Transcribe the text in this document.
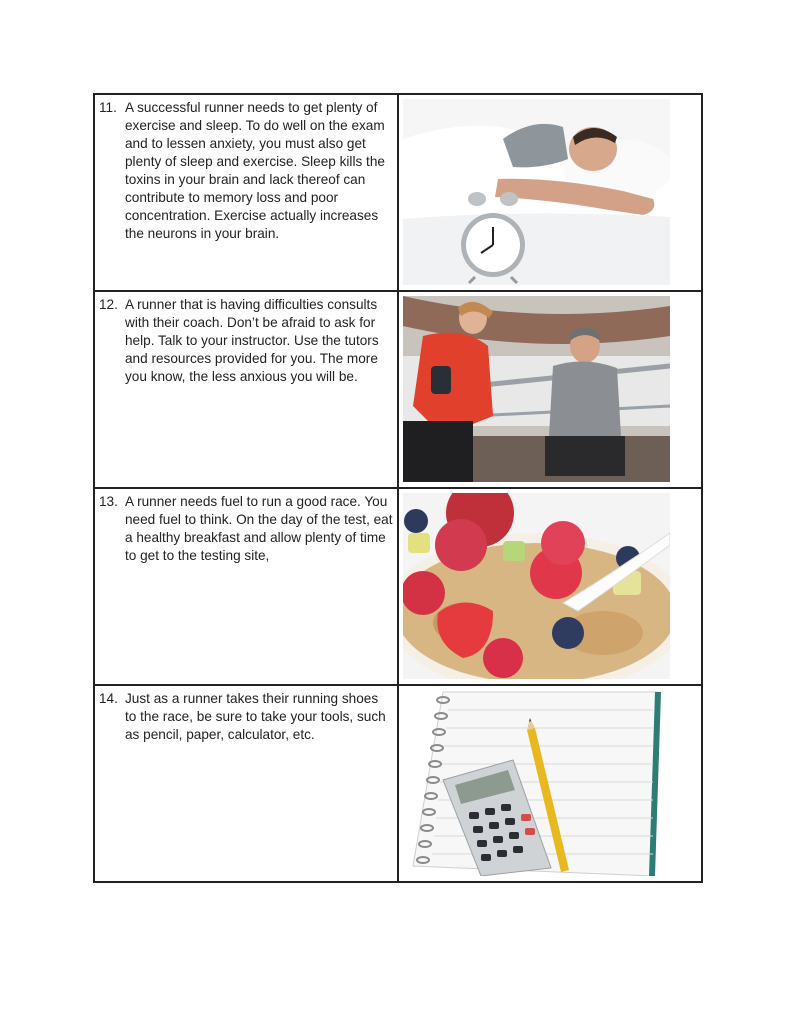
11. A successful runner needs to get plenty of exercise and sleep. To do well on the exam and to lessen anxiety, you must also get plenty of sleep and exercise. Sleep kills the toxins in your brain and lack thereof can contribute to memory loss and poor concentration. Exercise actually increases the neurons in your brain.

12. A runner that is having difficulties consults with their coach. Don’t be afraid to ask for help. Talk to your instructor. Use the tutors and resources provided for you. The more you know, the less anxious you will be.

13. A runner needs fuel to run a good race. You need fuel to think. On the day of the test, eat a healthy breakfast and allow plenty of time to get to the testing site,

14. Just as a runner takes their running shoes to the race, be sure to take your tools, such as pencil, paper, calculator, etc.
